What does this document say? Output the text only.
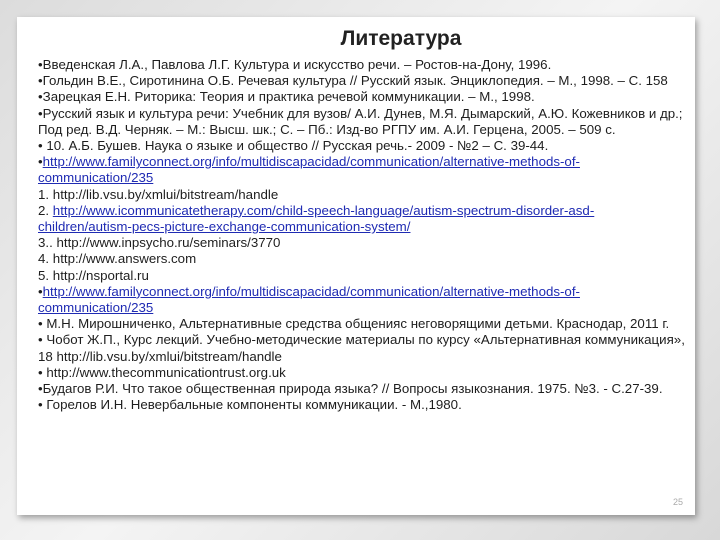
Литература

•Введенская Л.А., Павлова Л.Г. Культура и искусство речи. – Ростов-на-Дону, 1996.

•Гольдин В.Е., Сиротинина О.Б. Речевая культура // Русский язык. Энциклопедия. – М., 1998. – С. 158

•Зарецкая Е.Н. Риторика: Теория и практика речевой коммуникации. – М., 1998.

•Русский язык и культура речи: Учебник для вузов/ А.И. Дунев, М.Я. Дымарский, А.Ю. Кожевников и др.; Под ред. В.Д. Черняк. – М.: Высш. шк.; С. – Пб.: Изд-во РГПУ им. А.И. Герцена, 2005. – 509 с.

• 10. А.Б. Бушев. Наука о языке и общество // Русская речь.- 2009 - №2 – С. 39-44.

•http://www.familyconnect.org/info/multidiscapacidad/communication/alternative-methods-of-communication/235

1. http://lib.vsu.by/xmlui/bitstream/handle

2. http://www.icommunicatetherapy.com/child-speech-language/autism-spectrum-disorder-asd-children/autism-pecs-picture-exchange-communication-system/

3.. http://www.inpsycho.ru/seminars/3770

4. http://www.answers.com

5. http://nsportal.ru

•http://www.familyconnect.org/info/multidiscapacidad/communication/alternative-methods-of-communication/235

• М.Н. Мирошниченко, Альтернативные средства общенияс неговорящими детьми. Краснодар, 2011 г.

• Чобот Ж.П., Курс лекций. Учебно-методические материалы по курсу «Альтернативная коммуникация», 18 http://lib.vsu.by/xmlui/bitstream/handle

• http://www.thecommunicationtrust.org.uk

•Будагов Р.И. Что такое общественная природа языка? // Вопросы языкознания. 1975. №3. - С.27-39.

• Горелов И.Н. Невербальные компоненты коммуникации. - М.,1980.

25
